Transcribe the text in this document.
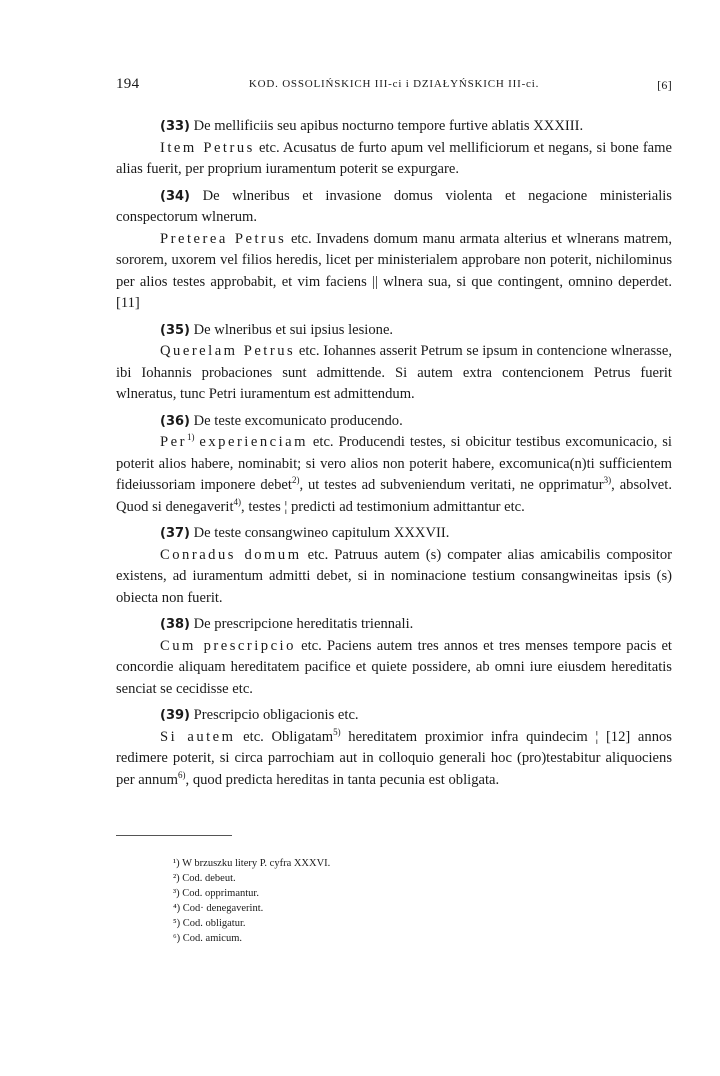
194	KOD. OSSOLIŃSKICH III-ci i DZIAŁYŃSKICH III-ci.	[6]

(33) De mellificiis seu apibus nocturno tempore furtive ablatis XXXIII.

Item Petrus etc. Acusatus de furto apum vel mellificiorum et negans, si bone fame alias fuerit, per proprium iuramentum poterit se expurgare.

(34) De wlneribus et invasione domus violenta et negacione ministerialis conspectorum wlnerum.

Preterea Petrus etc. Invadens domum manu armata alterius et wlnerans matrem, sororem, uxorem vel filios heredis, licet per ministerialem approbare non poterit, nichilominus per alios testes approbabit, et vim faciens || wlnera sua, si que contingent, omnino deperdet. [11]

(35) De wlneribus et sui ipsius lesione.

Querelam Petrus etc. Iohannes asserit Petrum se ipsum in contencione wlnerasse, ibi Iohannis probaciones sunt admittende. Si autem extra contencionem Petrus fuerit wlneratus, tunc Petri iuramentum est admittendum.

(36) De teste excomunicato producendo.

Per$^{1)}$ experienciam etc. Producendi testes, si obicitur testibus excomunicacio, si poterit alios habere, nominabit; si vero alios non poterit habere, excomunica(n)ti sufficientem fideiussoriam imponere debet$^{2)}$, ut testes ad subveniendum veritati, ne opprimatur$^{3)}$, absolvet. Quod si denegaverit$^{4)}$, testes ¦ predicti ad testimonium admittantur etc.

(37) De teste consangwineo capitulum XXXVII.

Conradus domum etc. Patruus autem (s) compater alias amicabilis compositor existens, ad iuramentum admitti debet, si in nominacione testium consangwineitas ipsis (s) obiecta non fuerit.

(38) De prescripcione hereditatis triennali.

Cum prescripcio etc. Paciens autem tres annos et tres menses tempore pacis et concordie aliquam hereditatem pacifice et quiete possidere, ab omni iure eiusdem hereditatis senciat se cecidisse etc.

(39) Prescripcio obligacionis etc.

Si autem etc. Obligatam$^{5)}$ hereditatem proximior infra quindecim ¦ [12] annos redimere poterit, si circa parrochiam aut in colloquio generali hoc (pro)testabitur aliquociens per annum$^{6)}$, quod predicta hereditas in tanta pecunia est obligata.

¹) W brzuszku litery P. cyfra XXXVI.
²) Cod. debeut.
³) Cod. opprimantur.
⁴) Cod· denegaverint.
⁵) Cod. obligatur.
⁶) Cod. amicum.
